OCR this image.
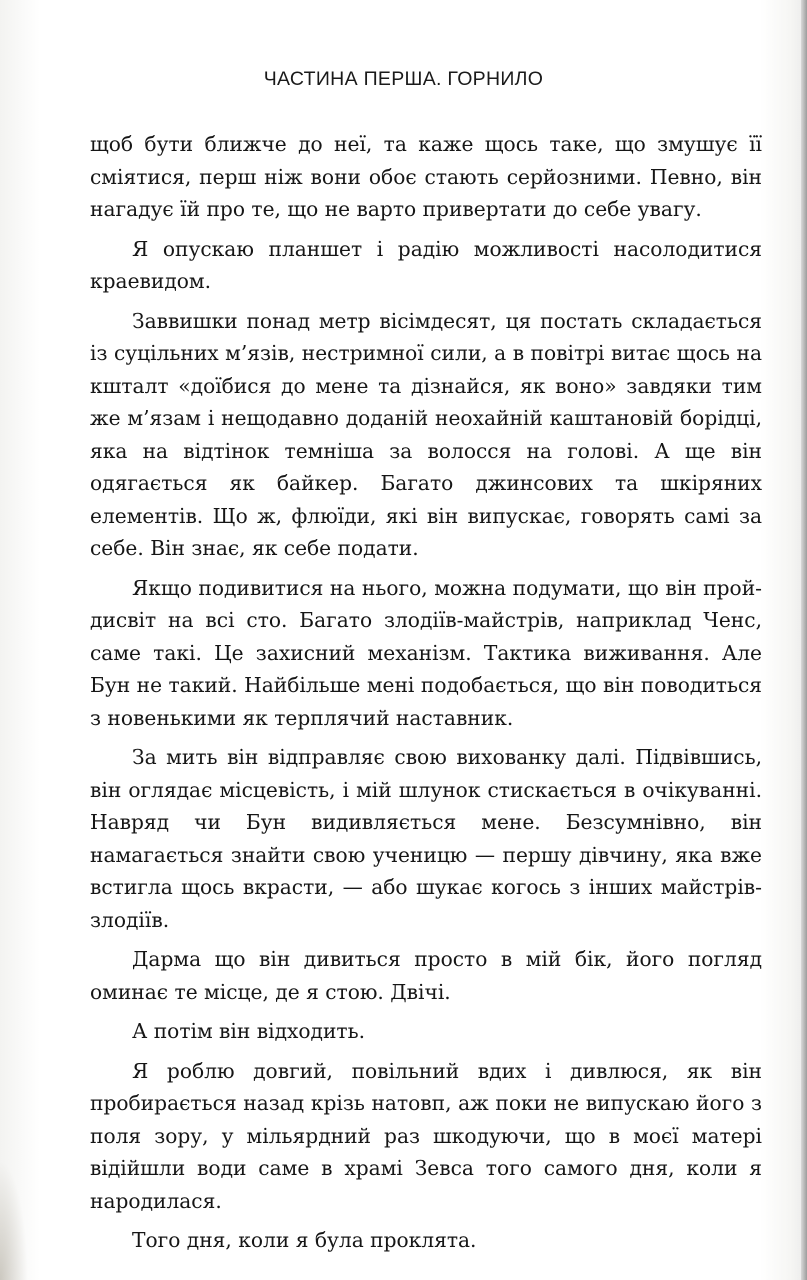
ЧАСТИНА ПЕРША. ГОРНИЛО

щоб бути ближче до неї, та каже щось таке, що змушує її сміятися, перш ніж вони обоє стають серйозними. Певно, він нагадує їй про те, що не варто привертати до себе увагу.

Я опускаю планшет і радію можливості насолодитися краевидом.

Заввишки понад метр вісімдесят, ця постать складається із суцільних м’язів, нестримної сили, а в повітрі витає щось на кшталт «доїбися до мене та дізнайся, як воно» завдяки тим же м’язам і нещодавно доданій неохайній каштановій борідці, яка на відтінок темніша за волосся на голові. А ще він одягається як байкер. Багато джинсових та шкіряних елементів. Що ж, флюїди, які він випускає, говорять самі за себе. Він знає, як себе подати.

Якщо подивитися на нього, можна подумати, що він пройдисвіт на всі сто. Багато злодіїв-майстрів, наприклад Ченс, саме такі. Це захисний механізм. Тактика виживання. Але Бун не такий. Найбільше мені подобається, що він поводиться з новенькими як терплячий наставник.

За мить він відправляє свою вихованку далі. Підвівшись, він оглядає місцевість, і мій шлунок стискається в очікуванні. Навряд чи Бун видивляється мене. Безсумнівно, він намагається знайти свою ученицю — першу дівчину, яка вже встигла щось вкрасти, — або шукає когось з інших майстрів-злодіїв.

Дарма що він дивиться просто в мій бік, його погляд оминає те місце, де я стою. Двічі.

А потім він відходить.

Я роблю довгий, повільний вдих і дивлюся, як він пробирається назад крізь натовп, аж поки не випускаю його з поля зору, у мільярдний раз шкодуючи, що в моєї матері відійшли води саме в храмі Зевса того самого дня, коли я народилася.

Того дня, коли я була проклята.
